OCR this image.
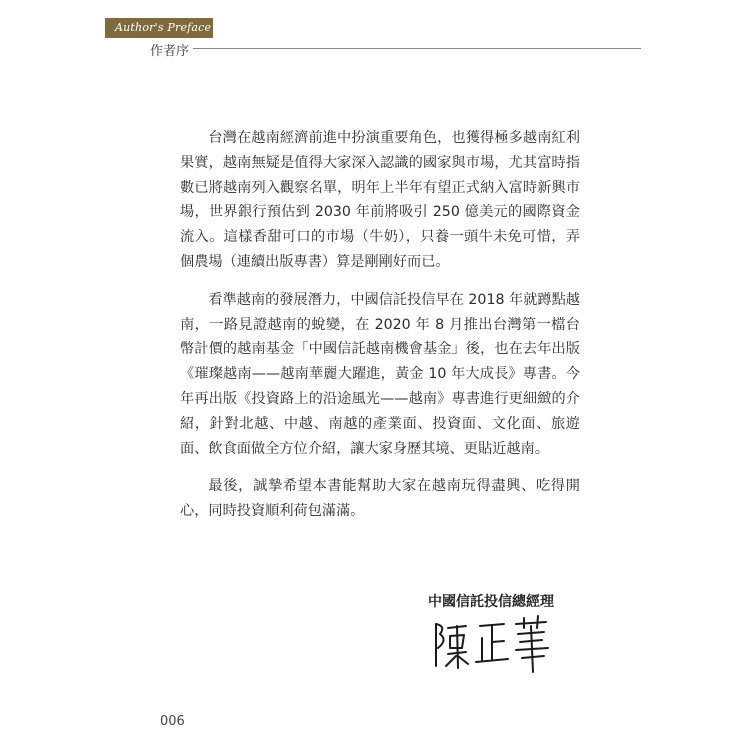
Author's Preface
作者序

台灣在越南經濟前進中扮演重要角色，也獲得極多越南紅利果實，越南無疑是值得大家深入認識的國家與市場，尤其富時指數已將越南列入觀察名單，明年上半年有望正式納入富時新興市場，世界銀行預估到 2030 年前將吸引 250 億美元的國際資金流入。這樣香甜可口的市場（牛奶），只養一頭牛未免可惜，弄個農場（連續出版專書）算是剛剛好而已。

看準越南的發展潛力，中國信託投信早在 2018 年就蹲點越南，一路見證越南的蛻變，在 2020 年 8 月推出台灣第一檔台幣計價的越南基金「中國信託越南機會基金」後，也在去年出版《璀璨越南——越南華麗大躍進，黃金 10 年大成長》專書。今年再出版《投資路上的沿途風光——越南》專書進行更細緻的介紹，針對北越、中越、南越的產業面、投資面、文化面、旅遊面、飲食面做全方位介紹，讓大家身歷其境、更貼近越南。

最後，誠摯希望本書能幫助大家在越南玩得盡興、吃得開心，同時投資順利荷包滿滿。

中國信託投信總經理
006
